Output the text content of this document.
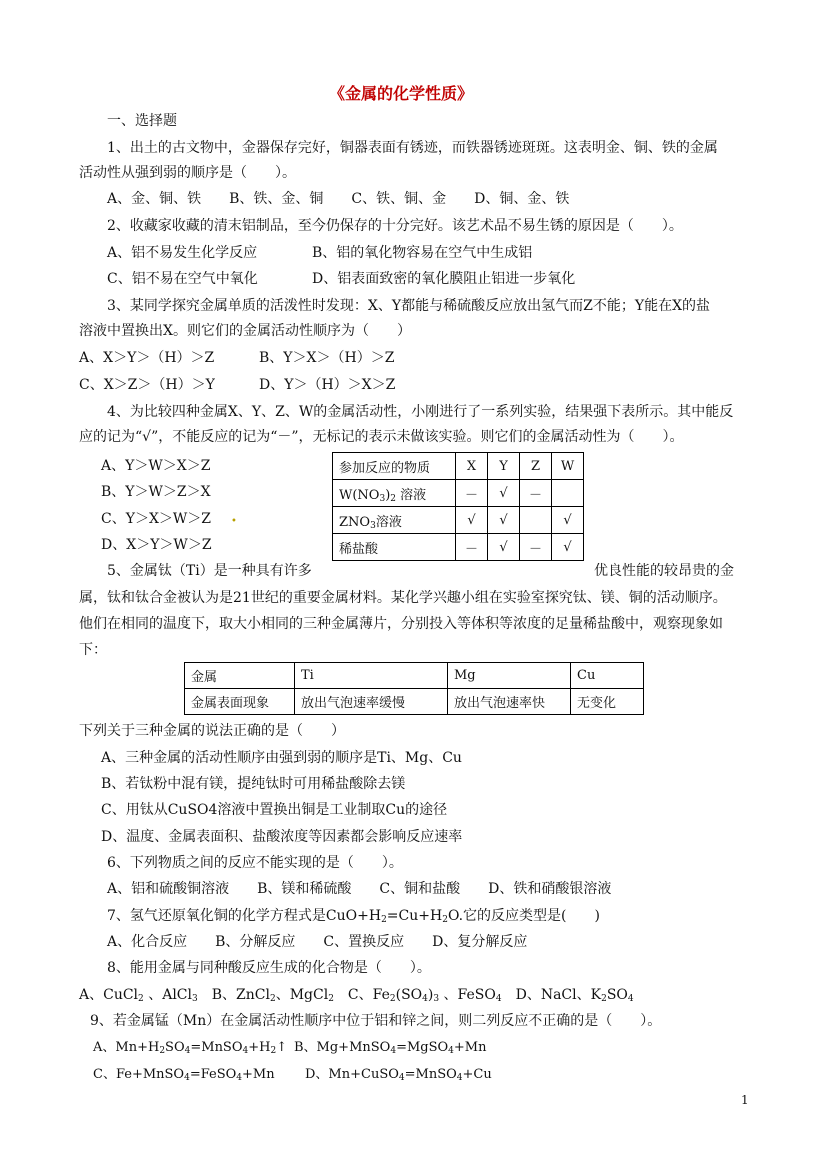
《金属的化学性质》
一、选择题
1、出土的古文物中，金器保存完好，铜器表面有锈迹，而铁器锈迹斑斑。这表明金、铜、铁的金属
活动性从强到弱的顺序是（　　）。
A、金、铜、铁　　B、铁、金、铜　　C、铁、铜、金　　D、铜、金、铁
2、收藏家收藏的清末铝制品，至今仍保存的十分完好。该艺术品不易生锈的原因是（　　）。
A、铝不易发生化学反应	B、铝的氧化物容易在空气中生成铝
C、铝不易在空气中氧化	D、铝表面致密的氧化膜阻止铝进一步氧化
3、某同学探究金属单质的活泼性时发现：X、Y都能与稀硫酸反应放出氢气而Z不能；Y能在X的盐
溶液中置换出X。则它们的金属活动性顺序为（　　）
A、X＞Y＞（H）＞Z	B、Y＞X＞（H）＞Z
C、X＞Z＞（H）＞Y	D、Y＞（H）＞X＞Z
4、为比较四种金属X、Y、Z、W的金属活动性，小刚进行了一系列实验，结果强下表所示。其中能反
应的记为“√”，不能反应的记为“－”，无标记的表示未做该实验。则它们的金属活动性为（　　）。
A、Y＞W＞X＞Z
B、Y＞W＞Z＞X
C、Y＞X＞W＞Z
D、X＞Y＞W＞Z
•
参加反应的物质	X	Y	Z	W
$W(NO_3)_2$ 溶液	－	√	－	
$ZNO_3$溶液	√	√		√
稀盐酸	－	√	－	√
5、金属钛（Ti）是一种具有许多	优良性能的较昂贵的金
属，钛和钛合金被认为是21世纪的重要金属材料。某化学兴趣小组在实验室探究钛、镁、铜的活动顺序。
他们在相同的温度下，取大小相同的三种金属薄片，分别投入等体积等浓度的足量稀盐酸中，观察现象如
下：
金属	Ti	Mg	Cu
金属表面现象	放出气泡速率缓慢	放出气泡速率快	无变化
下列关于三种金属的说法正确的是（　　）
A、三种金属的活动性顺序由强到弱的顺序是Ti、Mg、Cu
B、若钛粉中混有镁，提纯钛时可用稀盐酸除去镁
C、用钛从CuSO4溶液中置换出铜是工业制取Cu的途径
D、温度、金属表面积、盐酸浓度等因素都会影响反应速率
6、下列物质之间的反应不能实现的是（　　）。
A、铝和硫酸铜溶液　　B、镁和稀硫酸　　C、铜和盐酸　　D、铁和硝酸银溶液
7、氢气还原氧化铜的化学方程式是$CuO+H_2=Cu+H_2O$.它的反应类型是(　　)
A、化合反应　　B、分解反应　　C、置换反应　　D、复分解反应
8、能用金属与同种酸反应生成的化合物是（　　）。
A、CuCl$_2$ 、AlCl$_3$　B、ZnCl$_2$、MgCl$_2$　C、$Fe_2(SO_4)_3$ 、FeSO$_4$　D、NaCl、$K_2SO_4$
9、若金属锰（Mn）在金属活动性顺序中位于铝和锌之间，则二列反应不正确的是（　　）。
A、$Mn+H_2SO_4=MnSO_4+H_2↑$ B、Mg+MnSO$_4$=MgSO$_4$+Mn
C、Fe+MnSO$_4$=FeSO$_4$+Mn D、Mn+CuSO$_4$=MnSO$_4$+Cu
1
